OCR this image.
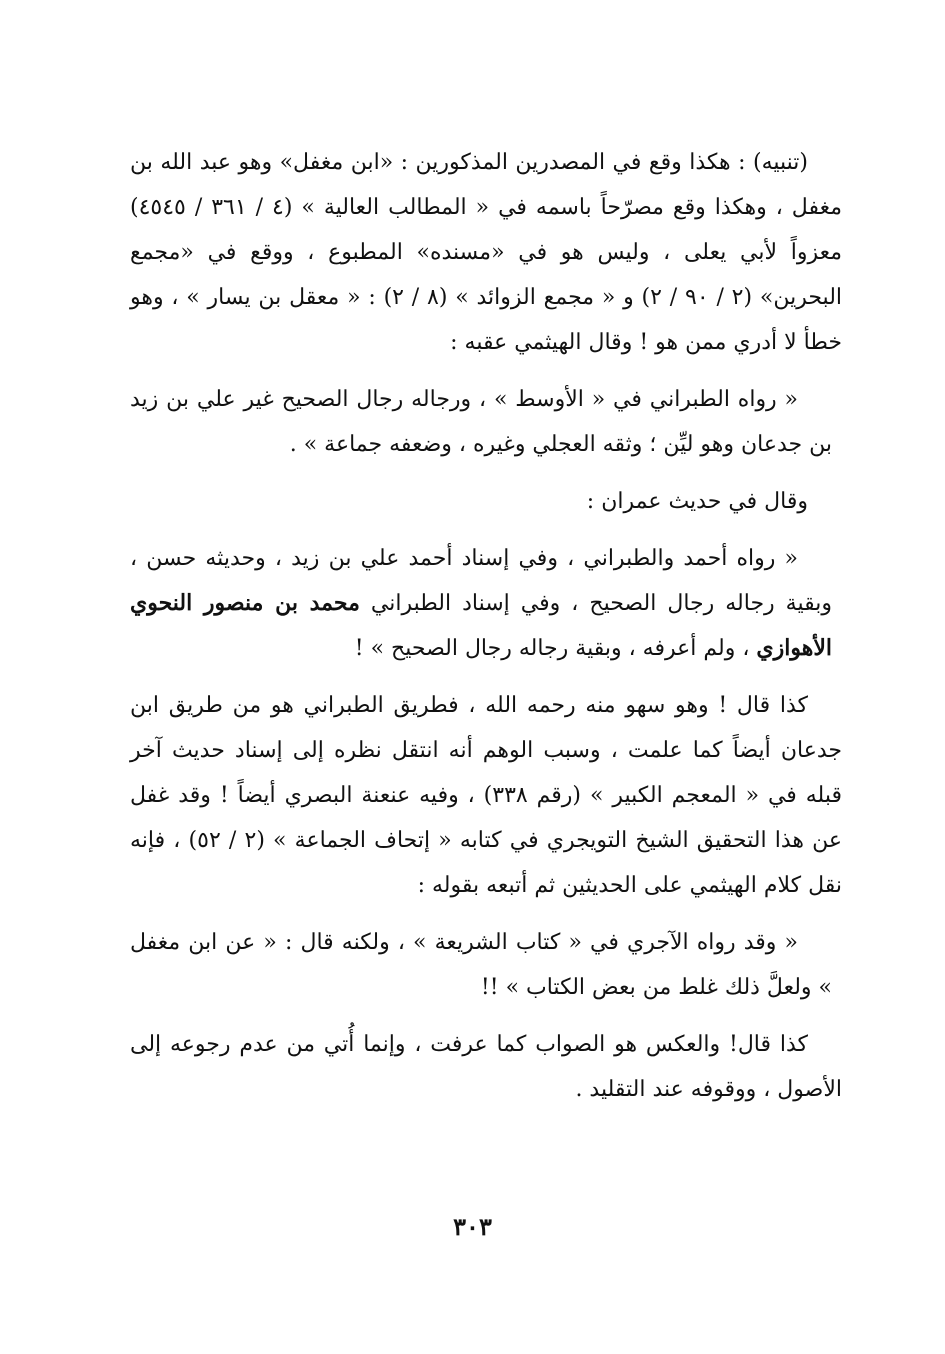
(تنبيه) : هكذا وقع في المصدرين المذكورين : «ابن مغفل» وهو عبد الله بن مغفل ، وهكذا وقع مصرّحاً باسمه في « المطالب العالية » (٤ / ٣٦١ / ٤٥٤٥) معزواً لأبي يعلى ، وليس هو في «مسنده» المطبوع ، ووقع في «مجمع البحرين» (٢ / ٩٠ / ٢) و « مجمع الزوائد » (٨ / ٢) : « معقل بن يسار » ، وهو خطأ لا أدري ممن هو ! وقال الهيثمي عقبه :

« رواه الطبراني في « الأوسط » ، ورجاله رجال الصحيح غير علي بن زيد بن جدعان وهو ليِّن ؛ وثقه العجلي وغيره ، وضعفه جماعة » .

وقال في حديث عمران :

« رواه أحمد والطبراني ، وفي إسناد أحمد علي بن زيد ، وحديثه حسن ، وبقية رجاله رجال الصحيح ، وفي إسناد الطبراني محمد بن منصور النحوي الأهوازي ، ولم أعرفه ، وبقية رجاله رجال الصحيح » !

كذا قال ! وهو سهو منه رحمه الله ، فطريق الطبراني هو من طريق ابن جدعان أيضاً كما علمت ، وسبب الوهم أنه انتقل نظره إلى إسناد حديث آخر قبله في « المعجم الكبير » (رقم ٣٣٨) ، وفيه عنعنة البصري أيضاً ! وقد غفل عن هذا التحقيق الشيخ التويجري في كتابه « إتحاف الجماعة » (٢ / ٥٢) ، فإنه نقل كلام الهيثمي على الحديثين ثم أتبعه بقوله :

« وقد رواه الآجري في « كتاب الشريعة » ، ولكنه قال : « عن ابن مغفل » ولعلَّ ذلك غلط من بعض الكتاب » !!

كذا قال! والعكس هو الصواب كما عرفت ، وإنما أُتي من عدم رجوعه إلى الأصول ، ووقوفه عند التقليد .

٣٠٣
